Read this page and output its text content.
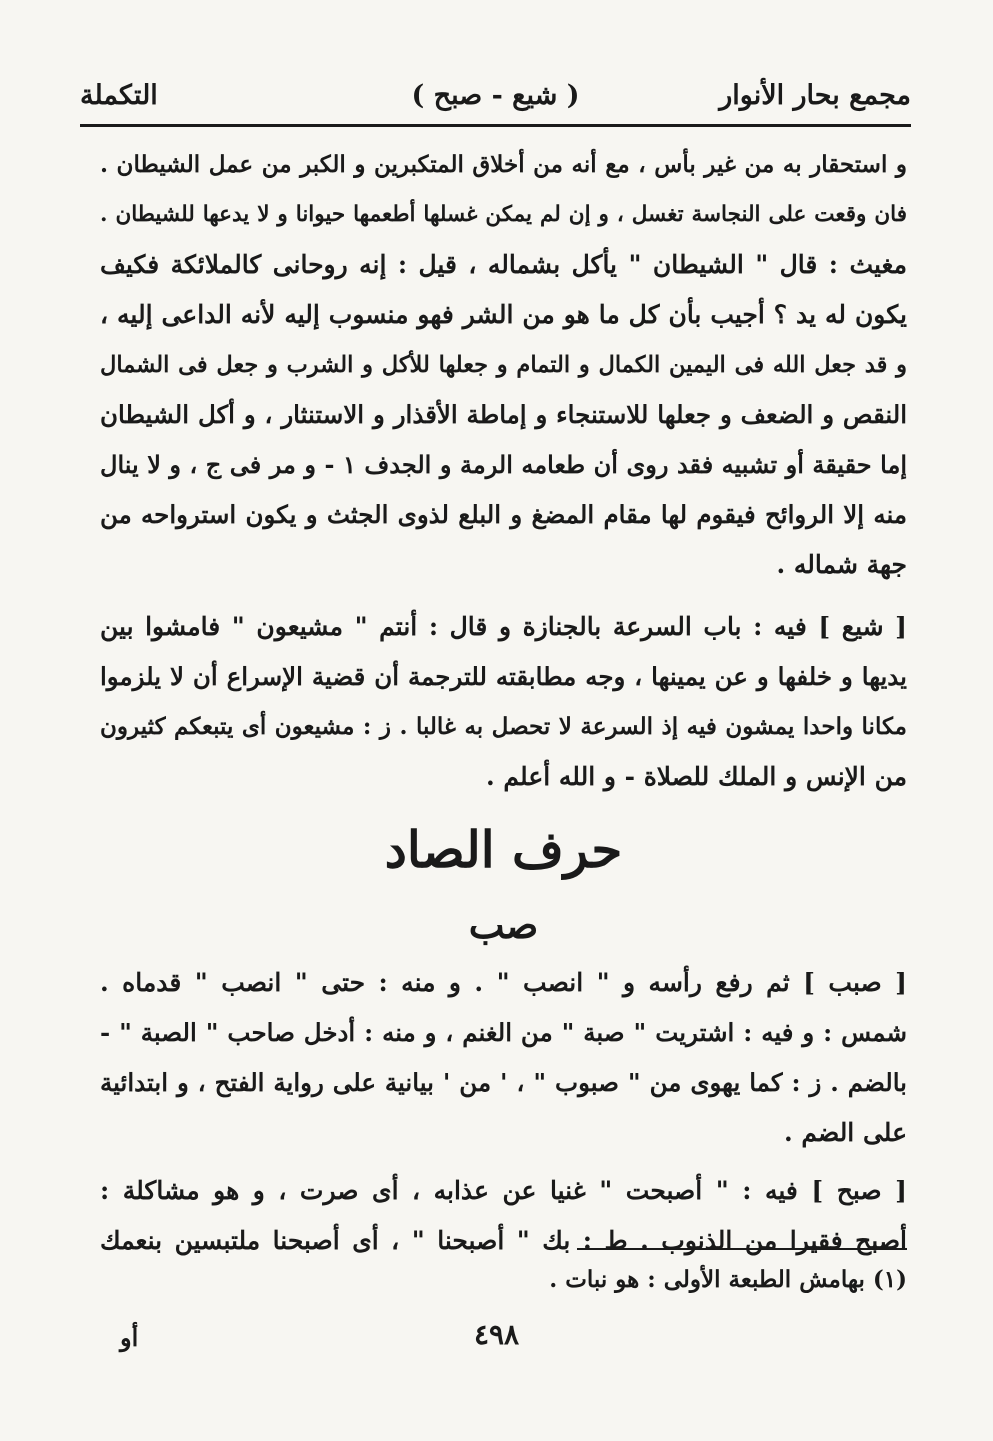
مجمع بحار الأنوار
( شيع - صبح )
التكملة
و استحقار به من غير بأس ، مع أنه من أخلاق المتكبرين و الكبر من عمل الشيطان .
فان وقعت على النجاسة تغسل ، و إن لم يمكن غسلها أطعمها حيوانا و لا يدعها للشيطان .
مغيث : قال " الشيطان " يأكل بشماله ، قيل : إنه روحانى كالملائكة فكيف
يكون له يد ؟ أجيب بأن كل ما هو من الشر فهو منسوب إليه لأنه الداعى إليه ،
و قد جعل الله فى اليمين الكمال و التمام و جعلها للأكل و الشرب و جعل فى الشمال
النقص و الضعف و جعلها للاستنجاء و إماطة الأقذار و الاستنثار ، و أكل الشيطان
إما حقيقة أو تشبيه فقد روى أن طعامه الرمة و الجدف ١ - و مر فى ج ، و لا ينال
منه إلا الروائح فيقوم لها مقام المضغ و البلع لذوى الجثث و يكون استرواحه من
جهة شماله .
[ شيع ] فيه : باب السرعة بالجنازة و قال : أنتم " مشيعون " فامشوا بين
يديها و خلفها و عن يمينها ، وجه مطابقته للترجمة أن قضية الإسراع أن لا يلزموا
مكانا واحدا يمشون فيه إذ السرعة لا تحصل به غالبا . ز : مشيعون أى يتبعكم كثيرون
من الإنس و الملك للصلاة - و الله أعلم .
حرف الصاد
صب
[ صبب ] ثم رفع رأسه و " انصب " . و منه : حتى " انصب " قدماه .
شمس : و فيه : اشتريت " صبة " من الغنم ، و منه : أدخل صاحب " الصبة " -
بالضم . ز : كما يهوى من " صبوب " ، ' من ' بيانية على رواية الفتح ، و ابتدائية
على الضم .
[ صبح ] فيه : " أصبحت " غنيا عن عذابه ، أى صرت ، و هو مشاكلة :
أصبح فقيرا من الذنوب . ط : بك " أصبحنا " ، أى أصبحنا ملتبسين بنعمك
(١) بهامش الطبعة الأولى : هو نبات .
٤٩٨
أو
